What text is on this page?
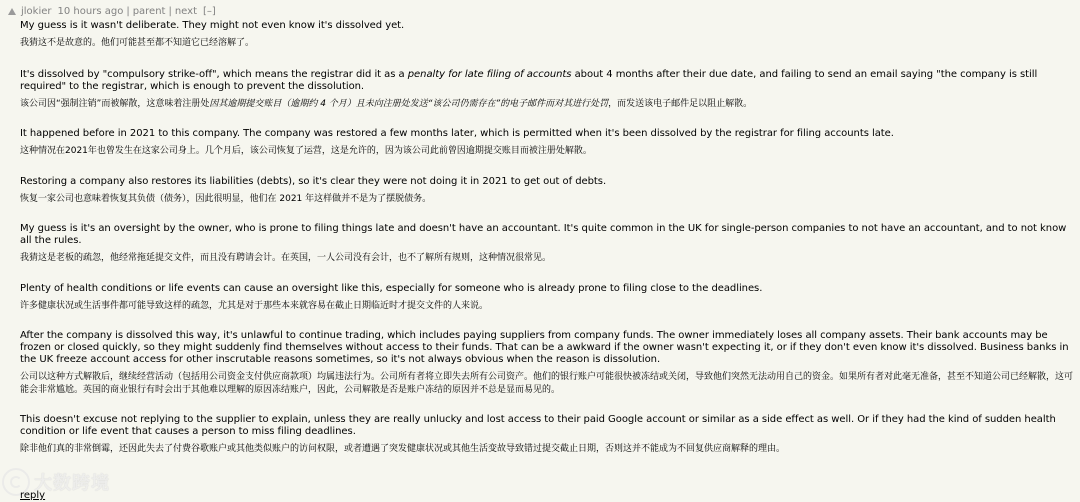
jlokier 10 hours ago | parent | next [–]

My guess is it wasn't deliberate. They might not even know it's dissolved yet.

我猜这不是故意的。他们可能甚至都不知道它已经溶解了。

It's dissolved by "compulsory strike-off", which means the registrar did it as a penalty for late filing of accounts about 4 months after their due date, and failing to send an email saying "the company is still required" to the registrar, which is enough to prevent the dissolution.

该公司因“强制注销”而被解散，这意味着注册处因其逾期提交账目（逾期约 4 个月）且未向注册处发送“该公司仍需存在”的电子邮件而对其进行处罚，而发送该电子邮件足以阻止解散。

It happened before in 2021 to this company. The company was restored a few months later, which is permitted when it's been dissolved by the registrar for filing accounts late.

这种情况在2021年也曾发生在这家公司身上。几个月后，该公司恢复了运营，这是允许的，因为该公司此前曾因逾期提交账目而被注册处解散。

Restoring a company also restores its liabilities (debts), so it's clear they were not doing it in 2021 to get out of debts.

恢复一家公司也意味着恢复其负债（债务），因此很明显，他们在 2021 年这样做并不是为了摆脱债务。

My guess is it's an oversight by the owner, who is prone to filing things late and doesn't have an accountant. It's quite common in the UK for single-person companies to not have an accountant, and to not know all the rules.

我猜这是老板的疏忽，他经常拖延提交文件，而且没有聘请会计。在英国，一人公司没有会计，也不了解所有规则，这种情况很常见。

Plenty of health conditions or life events can cause an oversight like this, especially for someone who is already prone to filing close to the deadlines.

许多健康状况或生活事件都可能导致这样的疏忽，尤其是对于那些本来就容易在截止日期临近时才提交文件的人来说。

After the company is dissolved this way, it's unlawful to continue trading, which includes paying suppliers from company funds. The owner immediately loses all company assets. Their bank accounts may be frozen or closed quickly, so they might suddenly find themselves without access to their funds. That can be a awkward if the owner wasn't expecting it, or if they don't even know it's dissolved. Business banks in the UK freeze account access for other inscrutable reasons sometimes, so it's not always obvious when the reason is dissolution.

公司以这种方式解散后，继续经营活动（包括用公司资金支付供应商款项）均属违法行为。公司所有者将立即失去所有公司资产。他们的银行账户可能很快被冻结或关闭，导致他们突然无法动用自己的资金。如果所有者对此毫无准备，甚至不知道公司已经解散，这可能会非常尴尬。英国的商业银行有时会出于其他难以理解的原因冻结账户，因此，公司解散是否是账户冻结的原因并不总是显而易见的。

This doesn't excuse not replying to the supplier to explain, unless they are really unlucky and lost access to their paid Google account or similar as a side effect as well. Or if they had the kind of sudden health condition or life event that causes a person to miss filing deadlines.

除非他们真的非常倒霉，还因此失去了付费谷歌账户或其他类似账户的访问权限，或者遭遇了突发健康状况或其他生活变故导致错过提交截止日期，否则这并不能成为不回复供应商解释的理由。

大数跨境
reply
